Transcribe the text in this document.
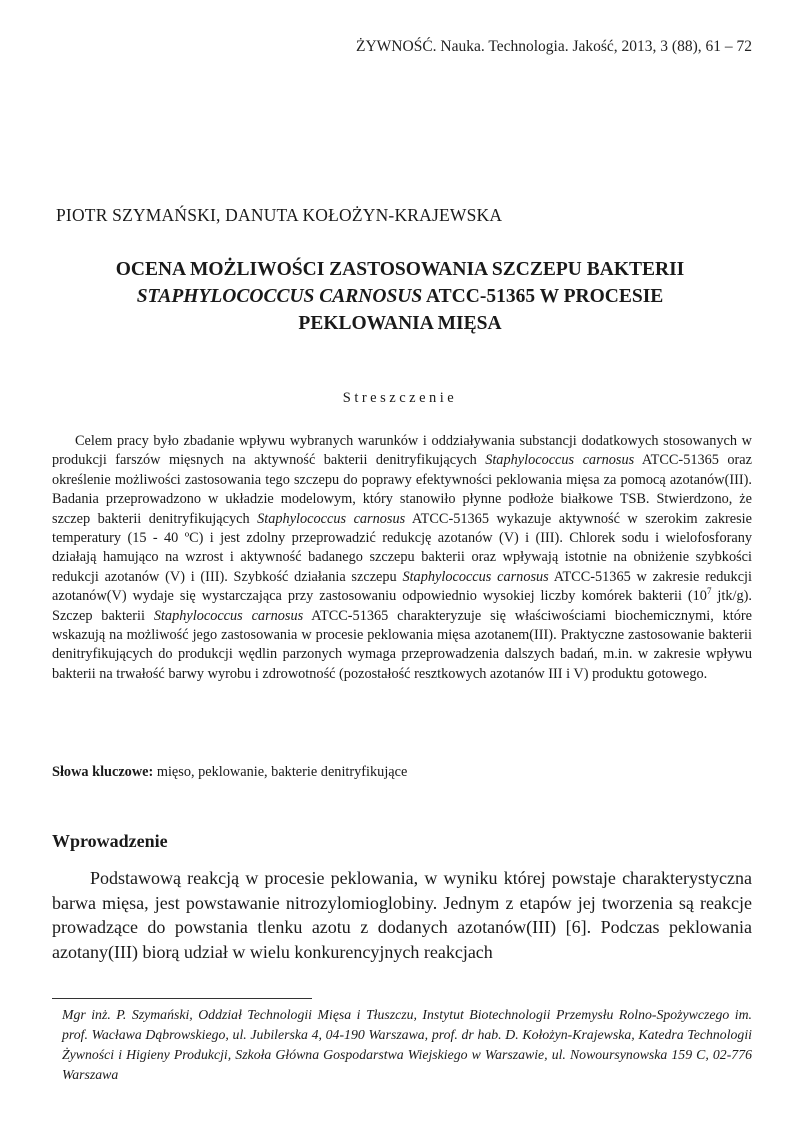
ŻYWNOŚĆ. Nauka. Technologia. Jakość, 2013, 3 (88), 61 – 72
PIOTR SZYMAŃSKI, DANUTA KOŁOŻYN-KRAJEWSKA
OCENA MOŻLIWOŚCI ZASTOSOWANIA SZCZEPU BAKTERII
STAPHYLOCOCCUS CARNOSUS ATCC-51365 W PROCESIE
PEKLOWANIA MIĘSA
Streszczenie

Celem pracy było zbadanie wpływu wybranych warunków i oddziaływania substancji dodatkowych stosowanych w produkcji farszów mięsnych na aktywność bakterii denitryfikujących Staphylococcus carnosus ATCC-51365 oraz określenie możliwości zastosowania tego szczepu do poprawy efektywności peklowania mięsa za pomocą azotanów(III). Badania przeprowadzono w układzie modelowym, który stanowiło płynne podłoże białkowe TSB. Stwierdzono, że szczep bakterii denitryfikujących Staphylococcus carnosus ATCC-51365 wykazuje aktywność w szerokim zakresie temperatury (15 - 40 ºC) i jest zdolny przeprowadzić redukcję azotanów (V) i (III). Chlorek sodu i wielofosforany działają hamująco na wzrost i aktywność badanego szczepu bakterii oraz wpływają istotnie na obniżenie szybkości redukcji azotanów (V) i (III). Szybkość działania szczepu Staphylococcus carnosus ATCC-51365 w zakresie redukcji azotanów(V) wydaje się wystarczająca przy zastosowaniu odpowiednio wysokiej liczby komórek bakterii ($10^7$ jtk/g). Szczep bakterii Staphylococcus carnosus ATCC-51365 charakteryzuje się właściwościami biochemicznymi, które wskazują na możliwość jego zastosowania w procesie peklowania mięsa azotanem(III). Praktyczne zastosowanie bakterii denitryfikujących do produkcji wędlin parzonych wymaga przeprowadzenia dalszych badań, m.in. w zakresie wpływu bakterii na trwałość barwy wyrobu i zdrowotność (pozostałość resztkowych azotanów III i V) produktu gotowego.

Słowa kluczowe: mięso, peklowanie, bakterie denitryfikujące
Wprowadzenie

Podstawową reakcją w procesie peklowania, w wyniku której powstaje charakterystyczna barwa mięsa, jest powstawanie nitrozylomioglobiny. Jednym z etapów jej tworzenia są reakcje prowadzące do powstania tlenku azotu z dodanych azotanów(III) [6]. Podczas peklowania azotany(III) biorą udział w wielu konkurencyjnych reakcjach

Mgr inż. P. Szymański, Oddział Technologii Mięsa i Tłuszczu, Instytut Biotechnologii Przemysłu Rolno-Spożywczego im. prof. Wacława Dąbrowskiego, ul. Jubilerska 4, 04-190 Warszawa, prof. dr hab. D. Kołożyn-Krajewska, Katedra Technologii Żywności i Higieny Produkcji, Szkoła Główna Gospodarstwa Wiejskiego w Warszawie, ul. Nowoursynowska 159 C, 02-776 Warszawa
